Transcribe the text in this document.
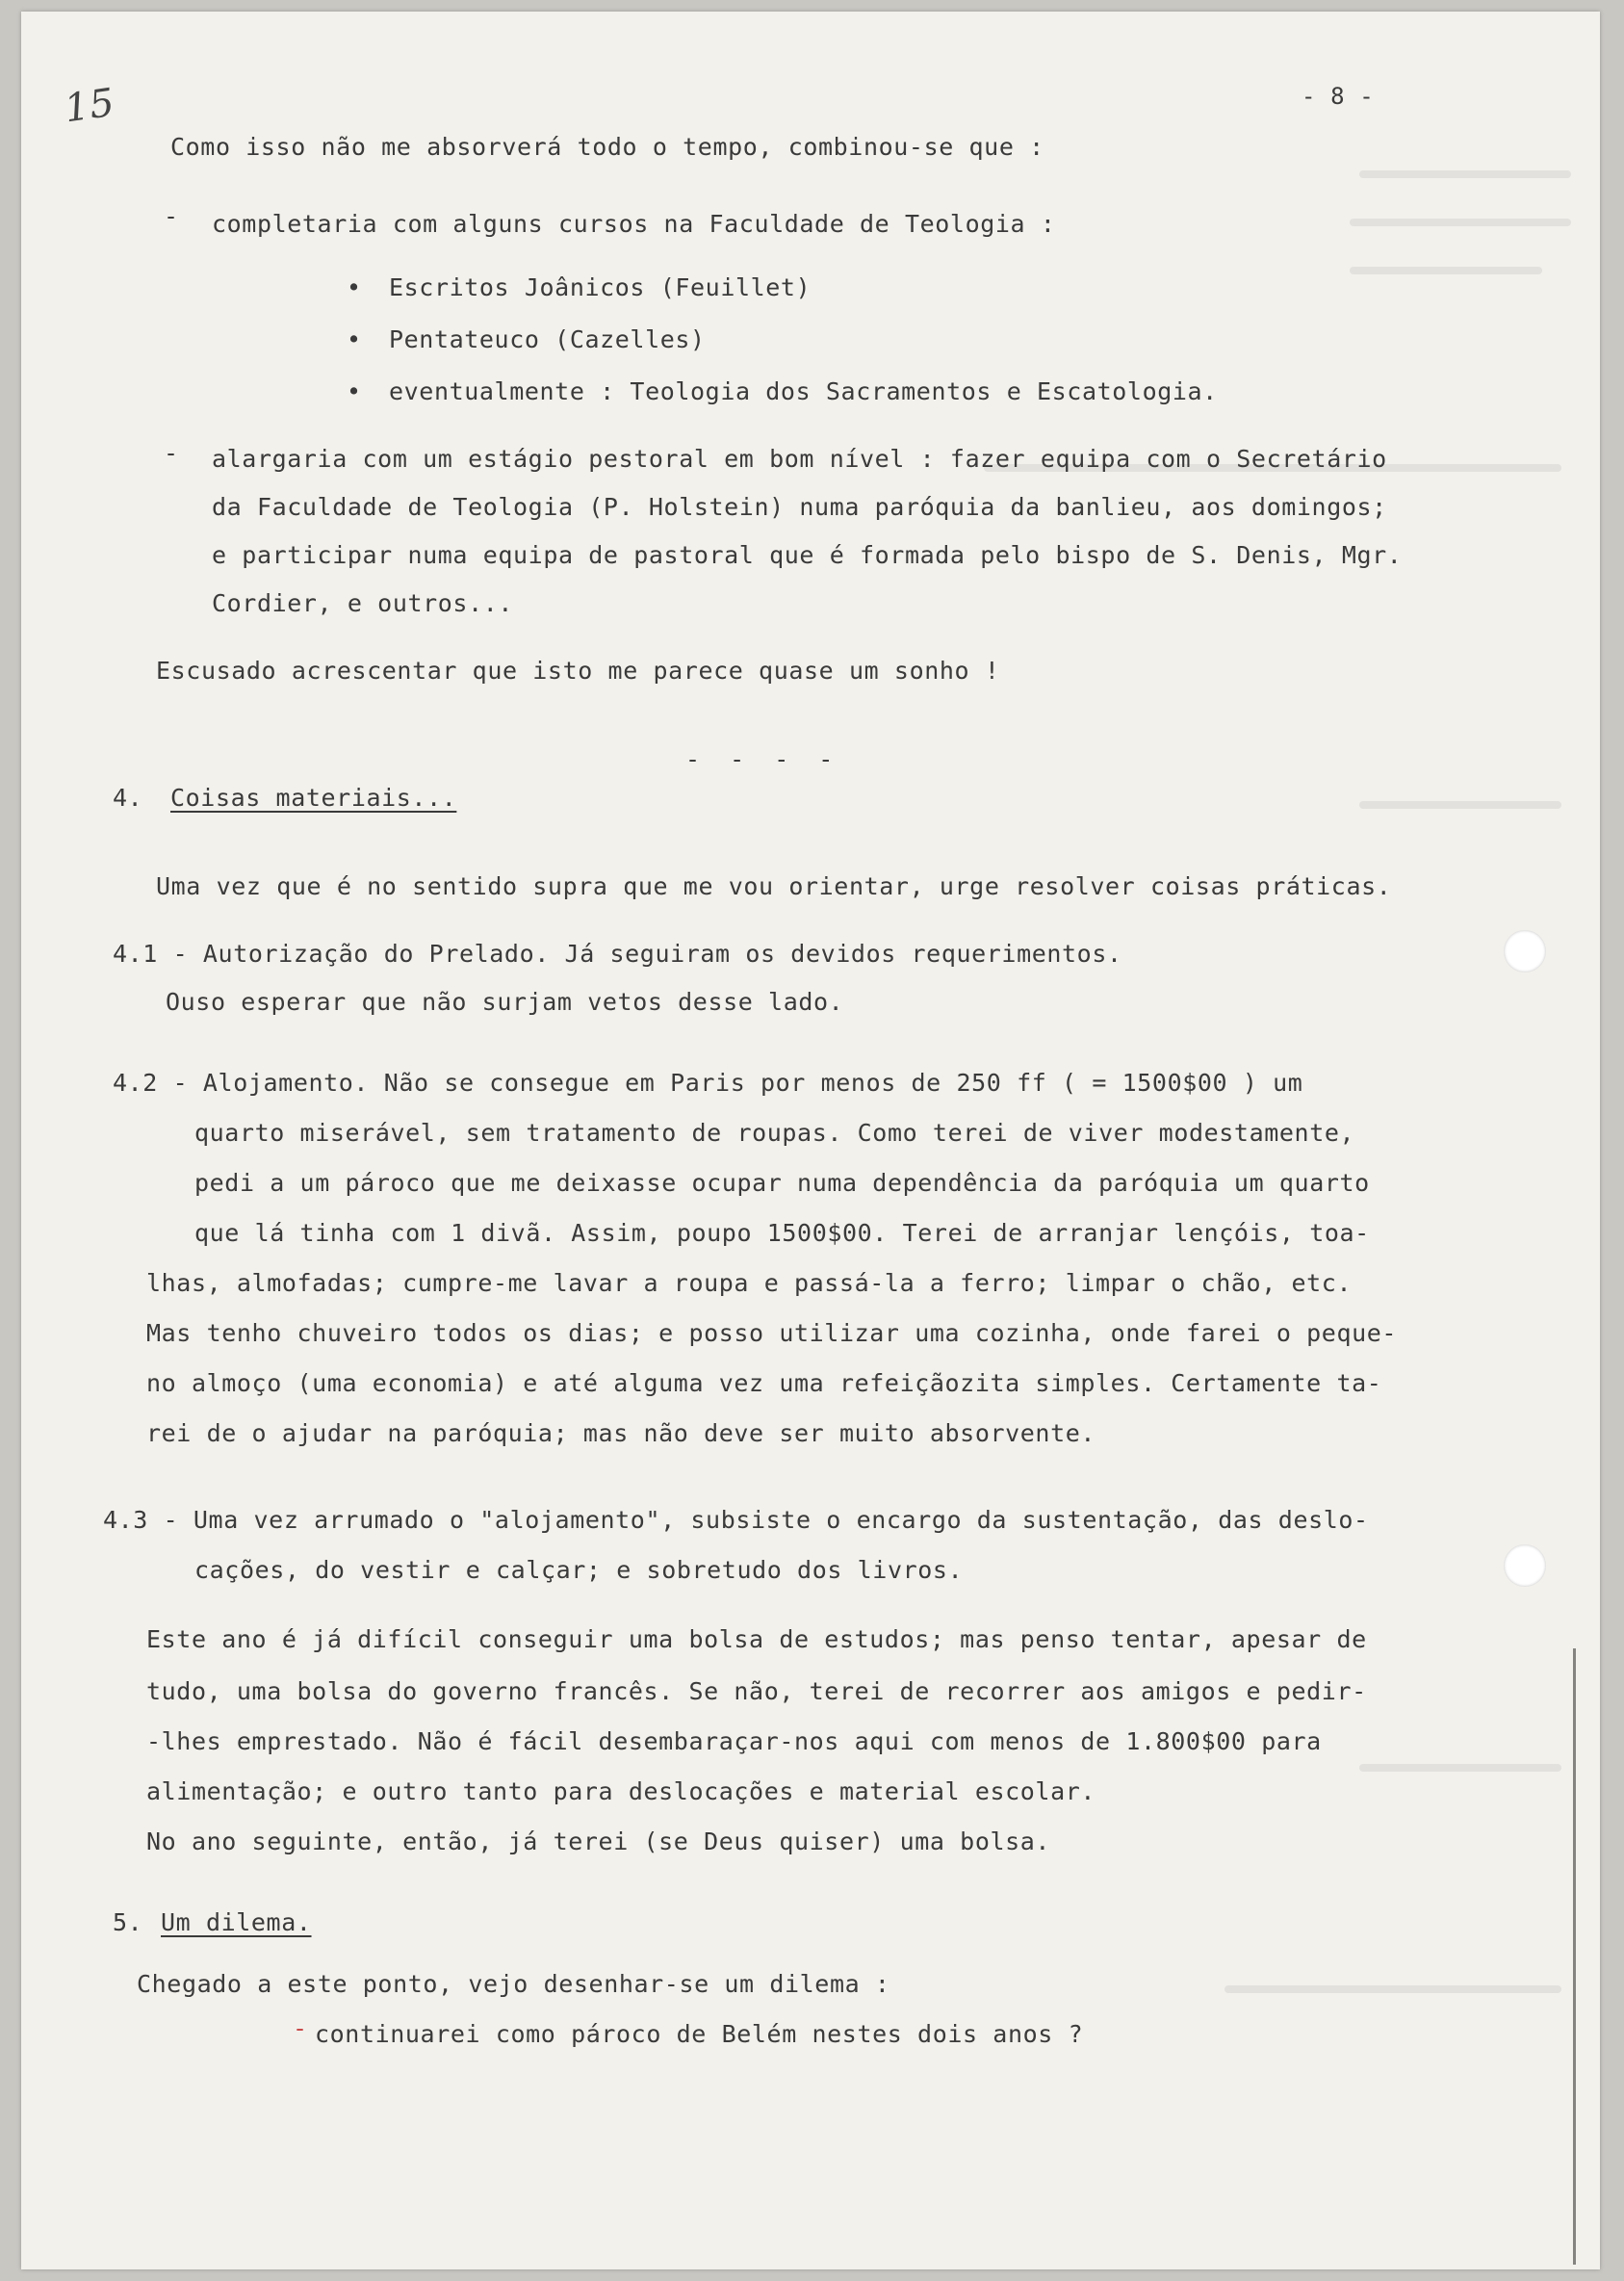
15	- 8 -
Como isso não me absorverá todo o tempo, combinou-se que :
- completaria com alguns cursos na Faculdade de Teologia :
• Escritos Joânicos (Feuillet)
• Pentateuco (Cazelles)
• eventualmente : Teologia dos Sacramentos e Escatologia.
- alargaria com um estágio pestoral em bom nível : fazer equipa com o Secretário
da Faculdade de Teologia (P. Holstein) numa paróquia da banlieu, aos domingos;
e participar numa equipa de pastoral que é formada pelo bispo de S. Denis, Mgr.
Cordier, e outros...
Escusado acrescentar que isto me parece quase um sonho !
- - - -
4. Coisas materiais...
Uma vez que é no sentido supra que me vou orientar, urge resolver coisas práticas.
4.1 - Autorização do Prelado. Já seguiram os devidos requerimentos.
Ouso esperar que não surjam vetos desse lado.
4.2 - Alojamento. Não se consegue em Paris por menos de 250 ff ( = 1500$00 ) um
quarto miserável, sem tratamento de roupas. Como terei de viver modestamente,
pedi a um pároco que me deixasse ocupar numa dependência da paróquia um quarto
que lá tinha com 1 divã. Assim, poupo 1500$00. Terei de arranjar lençóis, toa-
lhas, almofadas; cumpre-me lavar a roupa e passá-la a ferro; limpar o chão, etc.
Mas tenho chuveiro todos os dias; e posso utilizar uma cozinha, onde farei o peque-
no almoço (uma economia) e até alguma vez uma refeiçãozita simples. Certamente ta-
rei de o ajudar na paróquia; mas não deve ser muito absorvente.
4.3 - Uma vez arrumado o "alojamento", subsiste o encargo da sustentação, das deslo-
cações, do vestir e calçar; e sobretudo dos livros.
Este ano é já difícil conseguir uma bolsa de estudos; mas penso tentar, apesar de
tudo, uma bolsa do governo francês. Se não, terei de recorrer aos amigos e pedir-
-lhes emprestado. Não é fácil desembaraçar-nos aqui com menos de 1.800$00 para
alimentação; e outro tanto para deslocações e material escolar.
No ano seguinte, então, já terei (se Deus quiser) uma bolsa.
5. Um dilema.
Chegado a este ponto, vejo desenhar-se um dilema :
- continuarei como pároco de Belém nestes dois anos ?
